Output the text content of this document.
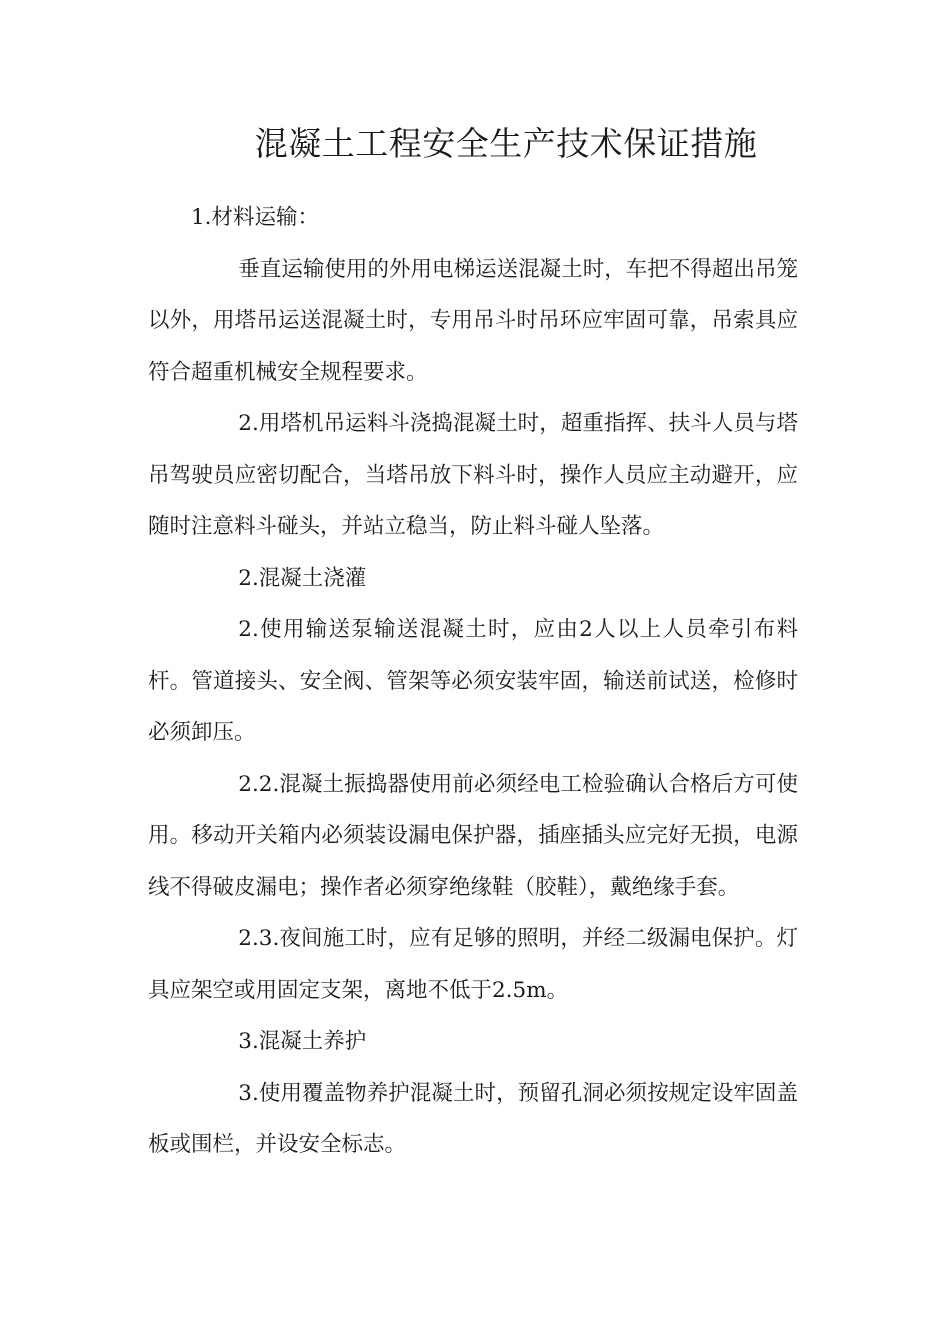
混凝土工程安全生产技术保证措施

1.材料运输：

垂直运输使用的外用电梯运送混凝土时，车把不得超出吊笼以外，用塔吊运送混凝土时，专用吊斗时吊环应牢固可靠，吊索具应符合超重机械安全规程要求。

2.用塔机吊运料斗浇捣混凝土时，超重指挥、扶斗人员与塔吊驾驶员应密切配合，当塔吊放下料斗时，操作人员应主动避开，应随时注意料斗碰头，并站立稳当，防止料斗碰人坠落。

2.混凝土浇灌

2.使用输送泵输送混凝土时，应由2人以上人员牵引布料杆。管道接头、安全阀、管架等必须安装牢固，输送前试送，检修时必须卸压。

2.2.混凝土振捣器使用前必须经电工检验确认合格后方可使用。移动开关箱内必须装设漏电保护器，插座插头应完好无损，电源线不得破皮漏电；操作者必须穿绝缘鞋（胶鞋），戴绝缘手套。

2.3.夜间施工时，应有足够的照明，并经二级漏电保护。灯具应架空或用固定支架，离地不低于2.5m。

3.混凝土养护

3.使用覆盖物养护混凝土时，预留孔洞必须按规定设牢固盖板或围栏，并设安全标志。
